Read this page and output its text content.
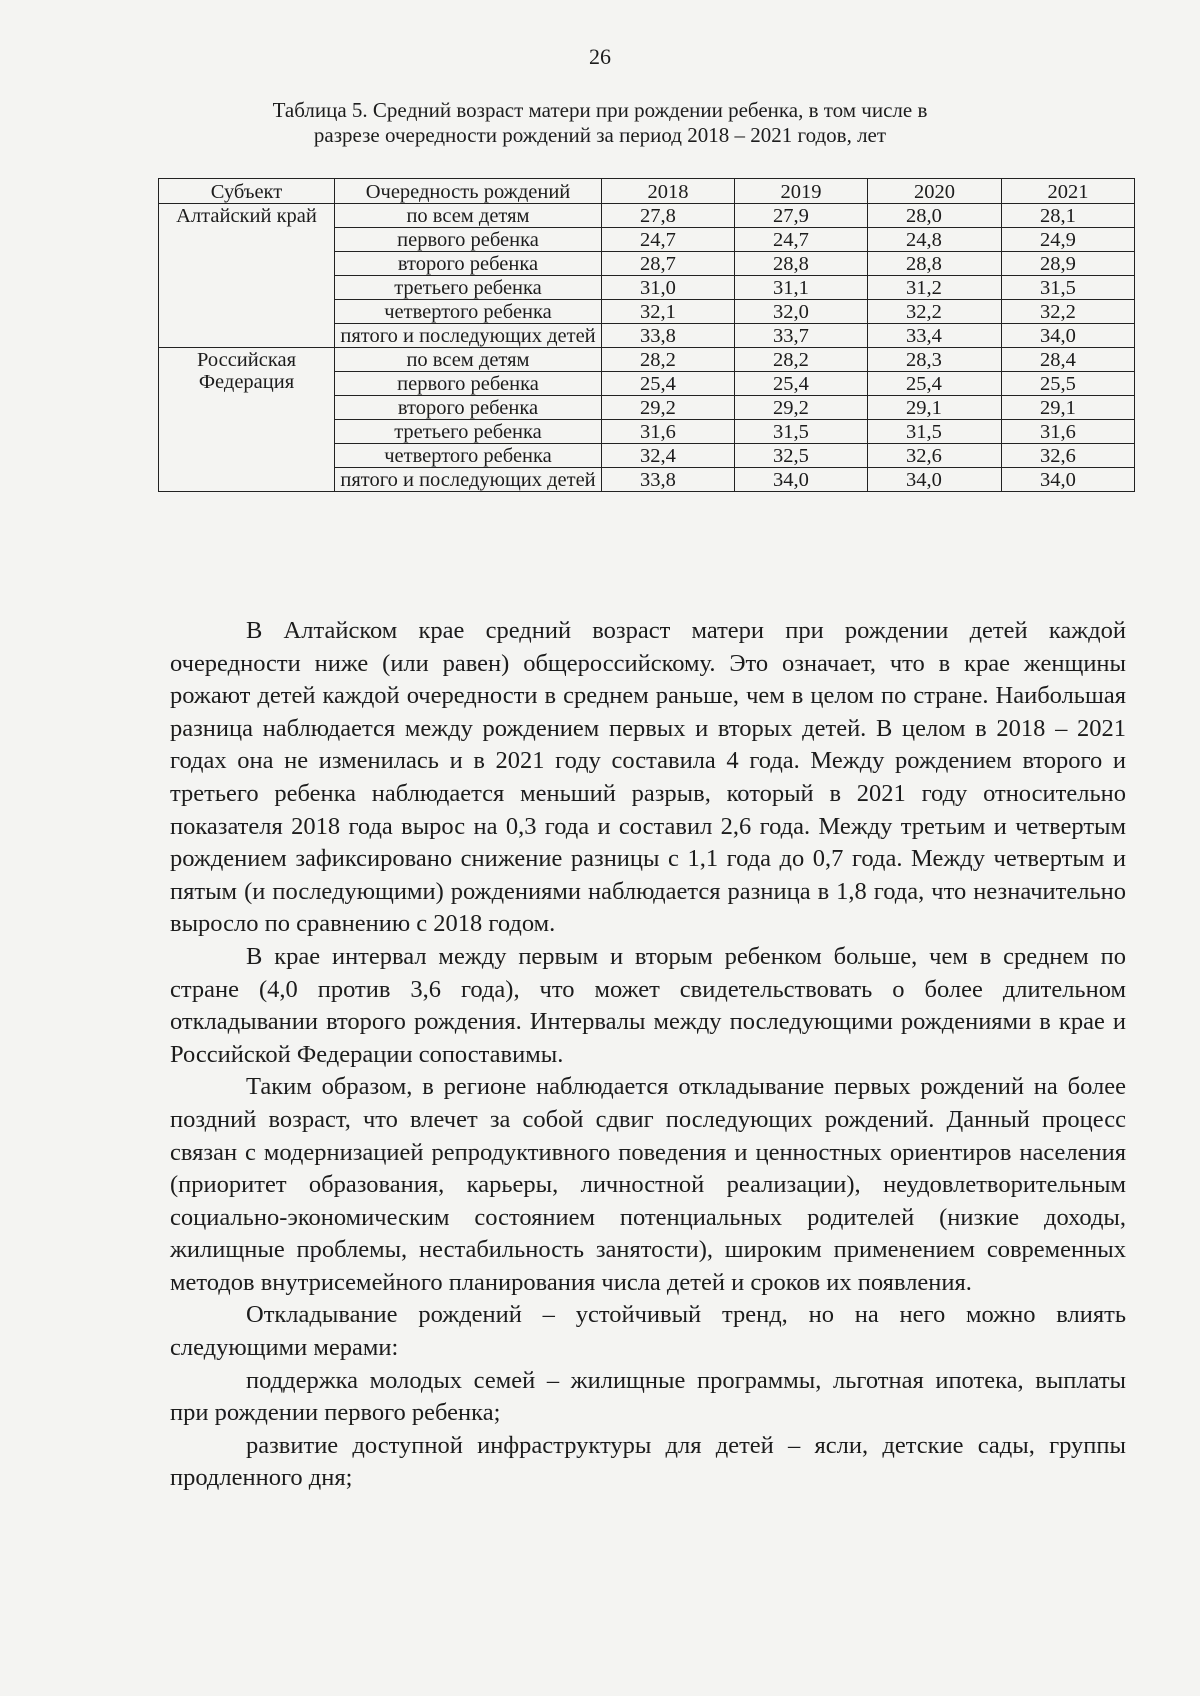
26
Таблица 5. Срeдний возраст матери при рождении ребенка, в том числе в
разрезе очередности рождений за период 2018 – 2021 годов, лет
Субъект	Очередность рождений	2018	2019	2020	2021
Алтайский край	по всем детям	27,8	27,9	28,0	28,1
	первого ребенка	24,7	24,7	24,8	24,9
	второго ребенка	28,7	28,8	28,8	28,9
	третьего ребенка	31,0	31,1	31,2	31,5
	четвертого ребенка	32,1	32,0	32,2	32,2
	пятого и последующих детей	33,8	33,7	33,4	34,0
Российская Федерация	по всем детям	28,2	28,2	28,3	28,4
	первого ребенка	25,4	25,4	25,4	25,5
	второго ребенка	29,2	29,2	29,1	29,1
	третьего ребенка	31,6	31,5	31,5	31,6
	четвертого ребенка	32,4	32,5	32,6	32,6
	пятого и последующих детей	33,8	34,0	34,0	34,0

В Алтайском крае средний возраст матери при рождении детей каждой очередности ниже (или равен) общероссийскому. Это означает, что в крае женщины рожают детей каждой очередности в среднем раньше, чем в целом по стране. Наибольшая разница наблюдается между рождением первых и вторых детей. В целом в 2018 – 2021 годах она не изменилась и в 2021 году составила 4 года. Между рождением второго и третьего ребенка наблюдается меньший разрыв, который в 2021 году относительно показателя 2018 года вырос на 0,3 года и составил 2,6 года. Между третьим и четвертым рождением зафиксировано снижение разницы с 1,1 года до 0,7 года. Между четвертым и пятым (и последующими) рождениями наблюдается разница в 1,8 года, что незначительно выросло по сравнению с 2018 годом.

В крае интервал между первым и вторым ребенком больше, чем в среднем по стране (4,0 против 3,6 года), что может свидетельствовать о более длительном откладывании второго рождения. Интервалы между последующими рождениями в крае и Российской Федерации сопоставимы.

Таким образом, в регионе наблюдается откладывание первых рождений на более поздний возраст, что влечет за собой сдвиг последующих рождений. Данный процесс связан с модернизацией репродуктивного поведения и ценностных ориентиров населения (приоритет образования, карьеры, личностной реализации), неудовлетворительным социально-экономическим состоянием потенциальных родителей (низкие доходы, жилищные проблемы, нестабильность занятости), широким применением современных методов внутрисемейного планирования числа детей и сроков их появления.

Откладывание рождений – устойчивый тренд, но на него можно влиять следующими мерами:

поддержка молодых семей – жилищные программы, льготная ипотека, выплаты при рождении первого ребенка;

развитие доступной инфраструктуры для детей – ясли, детские сады, группы продленного дня;
